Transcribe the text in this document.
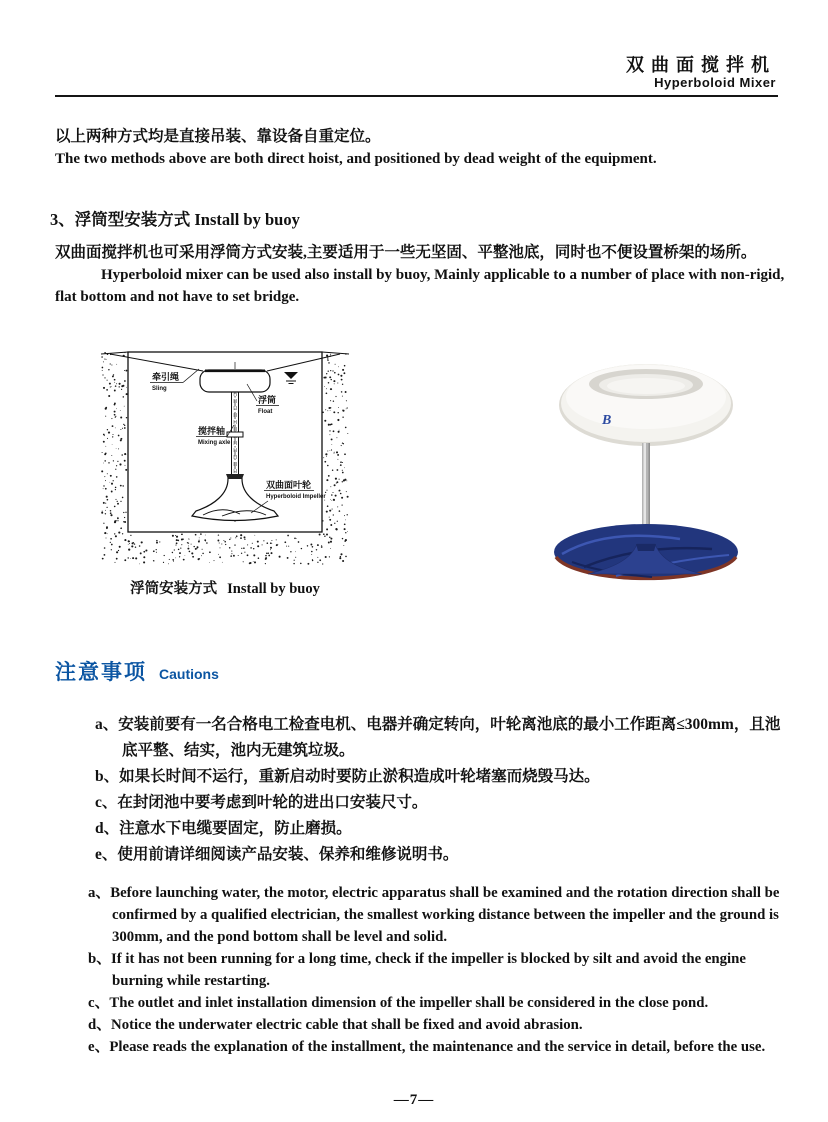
双曲面搅拌机
Hyperboloid Mixer
以上两种方式均是直接吊装、靠设备自重定位。
The two methods above are both direct hoist, and positioned by dead weight of the equipment.
3、浮筒型安装方式 Install by buoy
双曲面搅拌机也可采用浮筒方式安装,主要适用于一些无坚固、平整池底，同时也不便设置桥架的场所。
Hyperboloid mixer can be used also install by buoy, Mainly applicable to a number of place with non-rigid, flat bottom and not have to set bridge.
牵引绳
Sling
浮筒
Float
搅拌轴
Mixing axle
双曲面叶轮
Hyperboloid Impeller
浮筒安装方式 Install by buoy
B
注意事项 Cautions
a、安装前要有一名合格电工检查电机、电器并确定转向，叶轮离池底的最小工作距离≤300mm，且池底平整、结实，池内无建筑垃圾。
b、如果长时间不运行，重新启动时要防止淤积造成叶轮堵塞而烧毁马达。
c、在封闭池中要考虑到叶轮的进出口安装尺寸。
d、注意水下电缆要固定，防止磨损。
e、使用前请详细阅读产品安装、保养和维修说明书。
a、Before launching water, the motor, electric apparatus shall be examined and the rotation direction shall be confirmed by a qualified electrician, the smallest working distance between the impeller and the ground is 300mm, and the pond bottom shall be level and solid.
b、If it has not been running for a long time, check if the impeller is blocked by silt and avoid the engine burning while restarting.
c、The outlet and inlet installation dimension of the impeller shall be considered in the close pond.
d、Notice the underwater electric cable that shall be fixed and avoid abrasion.
e、Please reads the explanation of the installment, the maintenance and the service in detail, before the use.
—7—
